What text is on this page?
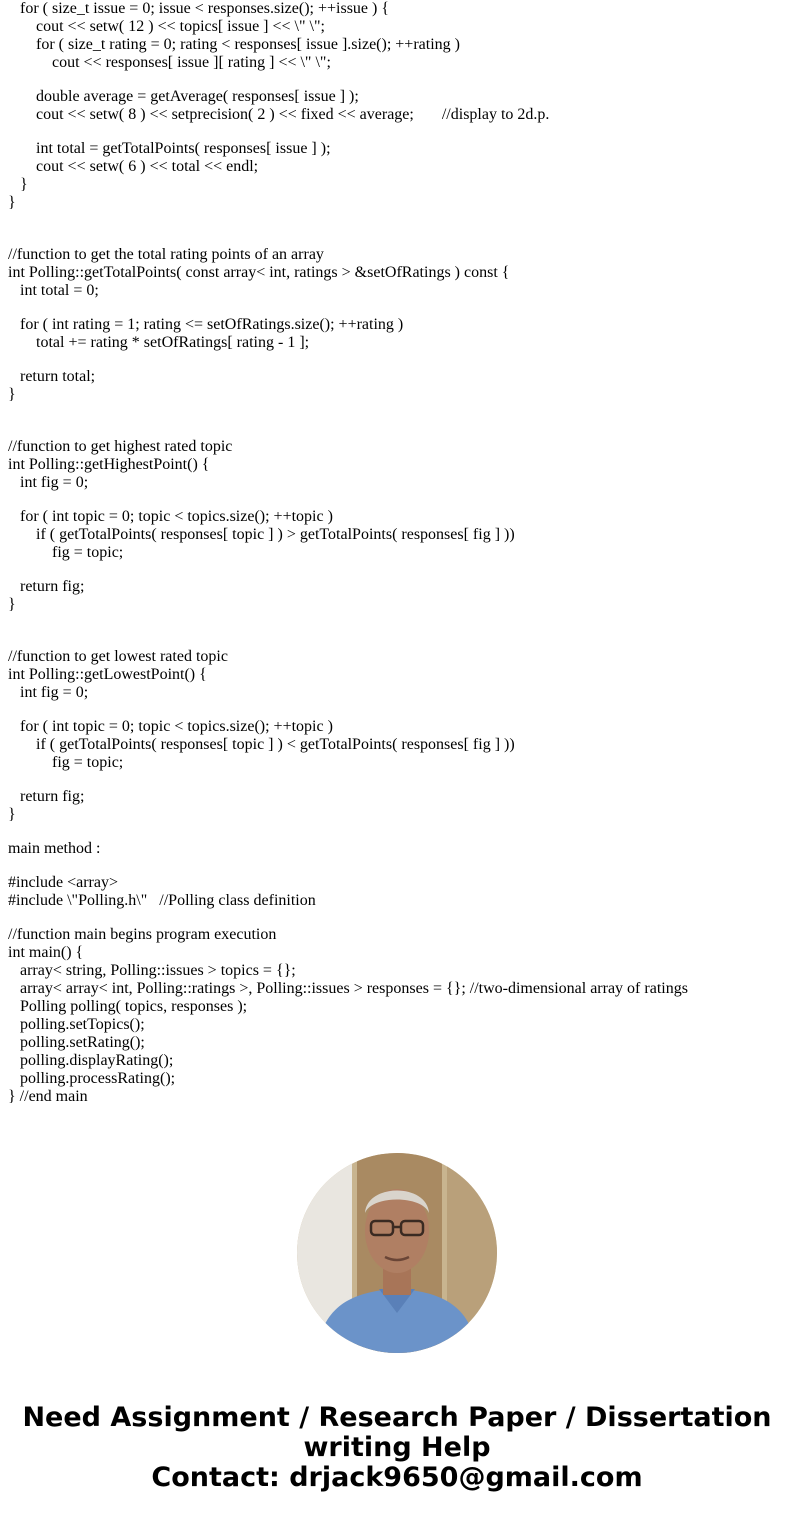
for ( size_t issue = 0; issue < responses.size(); ++issue ) {
cout << setw( 12 ) << topics[ issue ] << \" \";
for ( size_t rating = 0; rating < responses[ issue ].size(); ++rating )
cout << responses[ issue ][ rating ] << \" \";
double average = getAverage( responses[ issue ] );
cout << setw( 8 ) << setprecision( 2 ) << fixed << average; //display to 2d.p.
int total = getTotalPoints( responses[ issue ] );
cout << setw( 6 ) << total << endl;
}
}
//function to get the total rating points of an array
int Polling::getTotalPoints( const array< int, ratings > &setOfRatings ) const {
int total = 0;
for ( int rating = 1; rating <= setOfRatings.size(); ++rating )
total += rating * setOfRatings[ rating - 1 ];
return total;
}
//function to get highest rated topic
int Polling::getHighestPoint() {
int fig = 0;
for ( int topic = 0; topic < topics.size(); ++topic )
if ( getTotalPoints( responses[ topic ] ) > getTotalPoints( responses[ fig ] ))
fig = topic;
return fig;
}
//function to get lowest rated topic
int Polling::getLowestPoint() {
int fig = 0;
for ( int topic = 0; topic < topics.size(); ++topic )
if ( getTotalPoints( responses[ topic ] ) < getTotalPoints( responses[ fig ] ))
fig = topic;
return fig;
}
main method :
#include <array>
#include \"Polling.h\"   //Polling class definition
//function main begins program execution
int main() {
array< string, Polling::issues > topics = {};
array< array< int, Polling::ratings >, Polling::issues > responses = {}; //two-dimensional array of ratings
Polling polling( topics, responses );
polling.setTopics();
polling.setRating();
polling.displayRating();
polling.processRating();
} //end main
Need Assignment / Research Paper / Dissertation
writing Help
Contact: drjack9650@gmail.com
